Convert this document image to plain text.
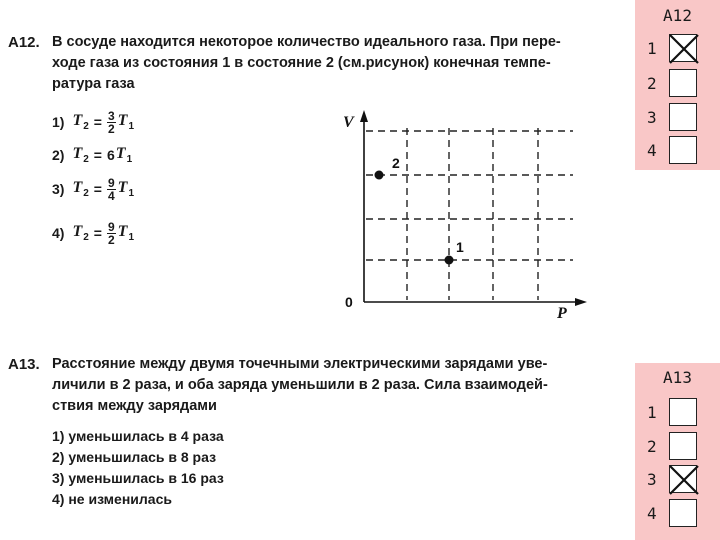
A12. В сосуде находится некоторое количество идеального газа. При пере-
ходе газа из состояния 1 в состояние 2 (см.рисунок) конечная темпе-
ратура газа
1) $T_2 = \frac{3}{2} T_1$
2) $T_2 = 6$ $T_1$
3) $T_2 = \frac{9}{4} T_1$
4) $T_2 = \frac{9}{2} T_1$
V
P
0
2
1
A13. Расстояние между двумя точечными электрическими зарядами уве-
личили в 2 раза, и оба заряда уменьшили в 2 раза. Сила взаимодей-
ствия между зарядами
1) уменьшилась в 4 раза
2) уменьшилась в 8 раз
3) уменьшилась в 16 раз
4) не изменилась
А12
1
2
3
4
А13
1
2
3
4
